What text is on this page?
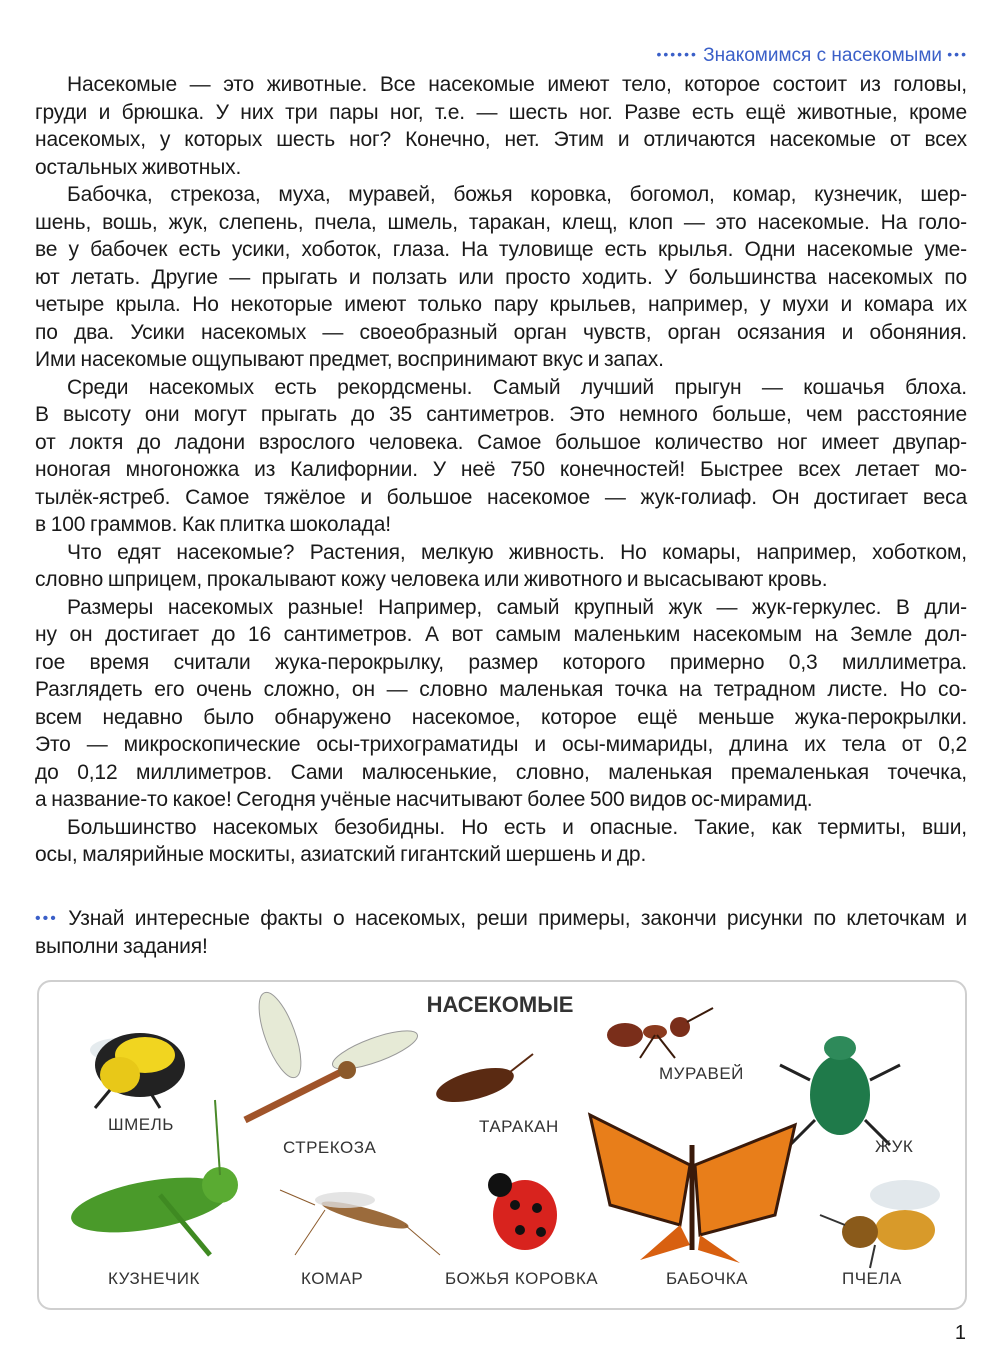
•••••• Знакомимся с насекомыми •••
Насекомые — это животные. Все насекомые имеют тело, которое состоит из головы,
груди и брюшка. У них три пары ног, т.е. — шесть ног. Разве есть ещё животные, кроме
насекомых, у которых шесть ног? Конечно, нет. Этим и отличаются насекомые от всех
остальных животных.
Бабочка, стрекоза, муха, муравей, божья коровка, богомол, комар, кузнечик, шер-
шень, вошь, жук, слепень, пчела, шмель, таракан, клещ, клоп — это насекомые. На голо-
ве у бабочек есть усики, хоботок, глаза. На туловище есть крылья. Одни насекомые уме-
ют летать. Другие — прыгать и ползать или просто ходить. У большинства насекомых по
четыре крыла. Но некоторые имеют только пару крыльев, например, у мухи и комара их
по два. Усики насекомых — своеобразный орган чувств, орган осязания и обоняния.
Ими насекомые ощупывают предмет, воспринимают вкус и запах.
Среди насекомых есть рекордсмены. Самый лучший прыгун — кошачья блоха.
В высоту они могут прыгать до 35 сантиметров. Это немного больше, чем расстояние
от локтя до ладони взрослого человека. Самое большое количество ног имеет двупар-
ноногая многоножка из Калифорнии. У неё 750 конечностей! Быстрее всех летает мо-
тылёк-ястреб. Самое тяжёлое и большое насекомое — жук-голиаф. Он достигает веса
в 100 граммов. Как плитка шоколада!
Что едят насекомые? Растения, мелкую живность. Но комары, например, хоботком,
словно шприцем, прокалывают кожу человека или животного и высасывают кровь.
Размеры насекомых разные! Например, самый крупный жук — жук-геркулес. В дли-
ну он достигает до 16 сантиметров. А вот самым маленьким насекомым на Земле дол-
гое время считали жука-перокрылку, размер которого примерно 0,3 миллиметра.
Разглядеть его очень сложно, он — словно маленькая точка на тетрадном листе. Но со-
всем недавно было обнаружено насекомое, которое ещё меньше жука-перокрылки.
Это — микроскопические осы-трихограматиды и осы-мимариды, длина их тела от 0,2
до 0,12 миллиметров. Сами малюсенькие, словно, маленькая премаленькая точечка,
а название-то какое! Сегодня учёные насчитывают более 500 видов ос-мирамид.
Большинство насекомых безобидны. Но есть и опасные. Такие, как термиты, вши,
осы, малярийные москиты, азиатский гигантский шершень и др.
••• Узнай интересные факты о насекомых, реши примеры, закончи рисунки по клеточкам и
выполни задания!
НАСЕКОМЫЕ
ШМЕЛЬ
СТРЕКОЗА
ТАРАКАН
МУРАВЕЙ
ЖУК
КУЗНЕЧИК	КОМАР	БОЖЬЯ КОРОВКА	БАБОЧКА	ПЧЕЛА
1
